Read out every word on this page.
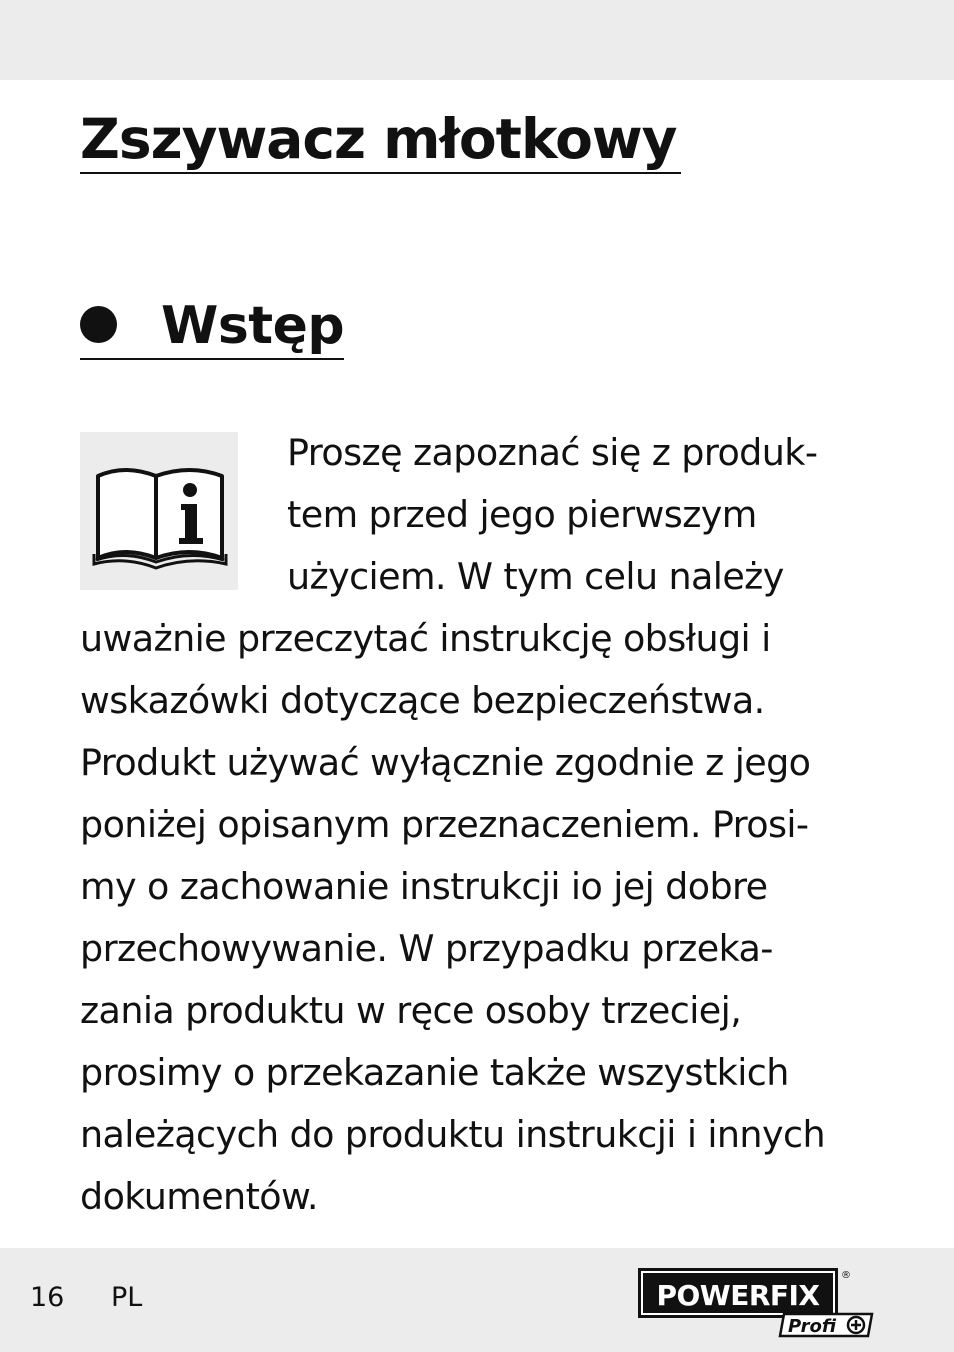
Zszywacz młotkowy
Wstęp
Proszę zapoznać się z produk-
tem przed jego pierwszym
użyciem. W tym celu należy
uważnie przeczytać instrukcję obsługi i
wskazówki dotyczące bezpieczeństwa.
Produkt używać wyłącznie zgodnie z jego
poniżej opisanym przeznaczeniem. Prosi-
my o zachowanie instrukcji io jej dobre
przechowywanie. W przypadku przeka-
zania produktu w ręce osoby trzeciej,
prosimy o przekazanie także wszystkich
należących do produktu instrukcji i innych
dokumentów.
16 PL	POWERFIX
®
Profi
